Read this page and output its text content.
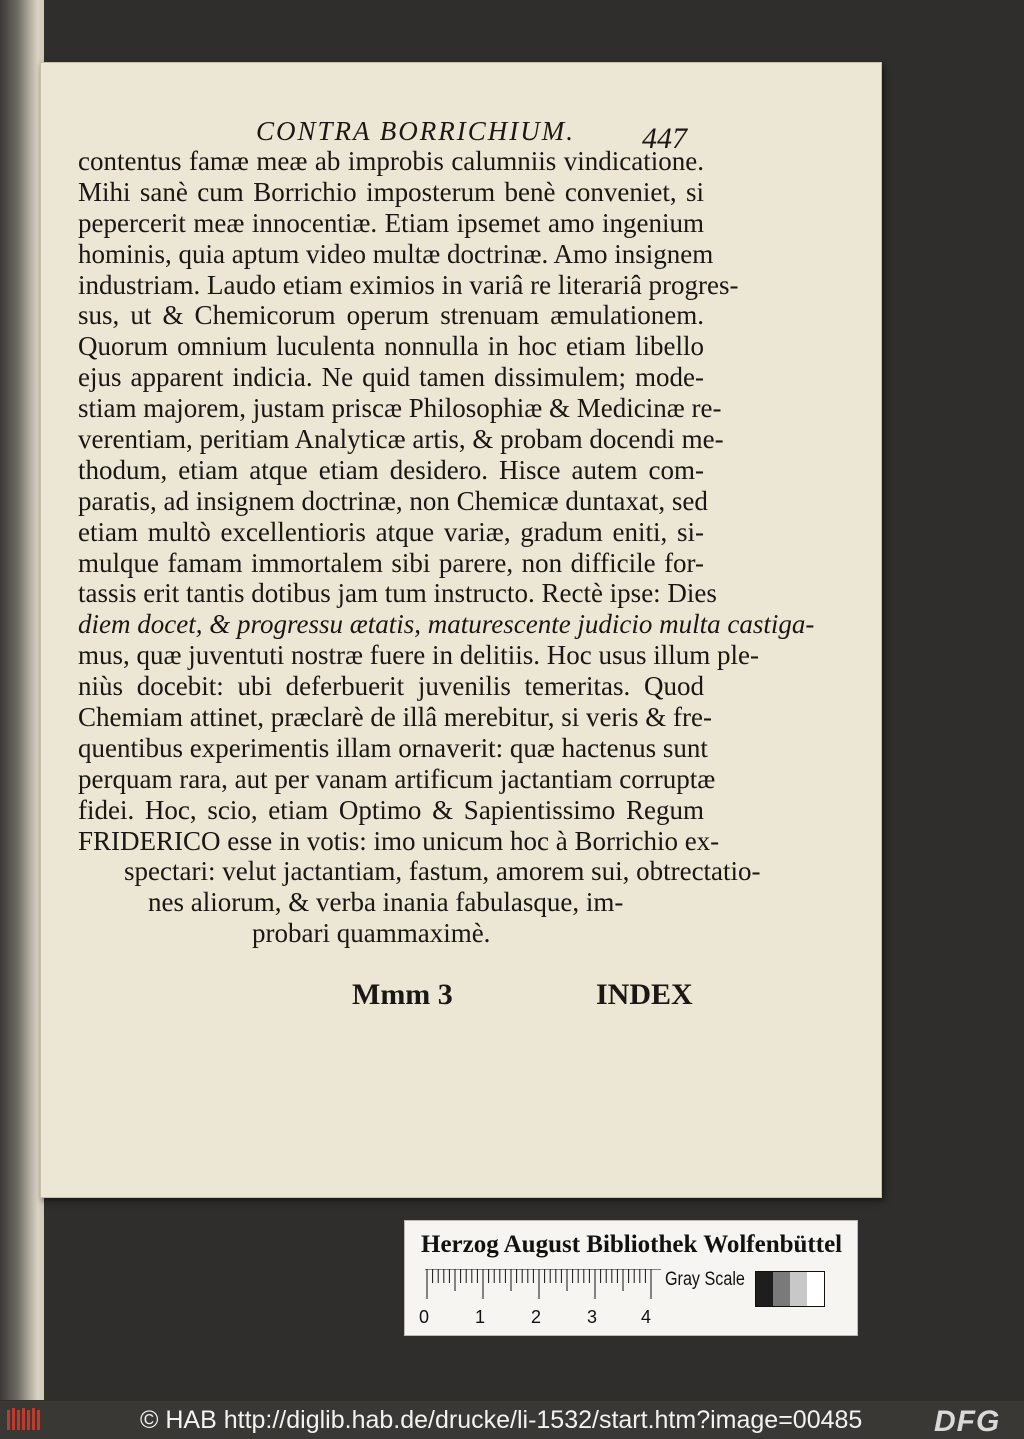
CONTRA BORRICHIUM. 447
contentus famæ meæ ab improbis calumniis vindicatione.
Mihi sanè cum Borrichio imposterum benè conveniet, si
pepercerit meæ innocentiæ. Etiam ipsemet amo ingenium
hominis, quia aptum video multæ doctrinæ. Amo insignem
industriam. Laudo etiam eximios in variâ re literariâ progres-
sus, ut & Chemicorum operum strenuam æmulationem.
Quorum omnium luculenta nonnulla in hoc etiam libello
ejus apparent indicia. Ne quid tamen dissimulem; mode-
stiam majorem, justam priscæ Philosophiæ & Medicinæ re-
verentiam, peritiam Analyticæ artis, & probam docendi me-
thodum, etiam atque etiam desidero. Hisce autem com-
paratis, ad insignem doctrinæ, non Chemicæ duntaxat, sed
etiam multò excellentioris atque variæ, gradum eniti, si-
mulque famam immortalem sibi parere, non difficile for-
tassis erit tantis dotibus jam tum instructo. Rectè ipse: Dies
diem docet, & progressu ætatis, maturescente judicio multa castiga-
mus, quæ juventuti nostræ fuere in delitiis. Hoc usus illum ple-
niùs docebit: ubi deferbuerit juvenilis temeritas. Quod
Chemiam attinet, præclarè de illâ merebitur, si veris & fre-
quentibus experimentis illam ornaverit: quæ hactenus sunt
perquam rara, aut per vanam artificum jactantiam corruptæ
fidei. Hoc, scio, etiam Optimo & Sapientissimo Regum
FRIDERICO esse in votis: imo unicum hoc à Borrichio ex-
spectari: velut jactantiam, fastum, amorem sui, obtrectatio-
nes aliorum, & verba inania fabulasque, im-
probari quammaximè.
Mmm 3	INDEX
Herzog August Bibliothek Wolfenbüttel
0	1	2	3 4
Gray Scale
© HAB http://diglib.hab.de/drucke/li-1532/start.htm?image=00485 DFG
